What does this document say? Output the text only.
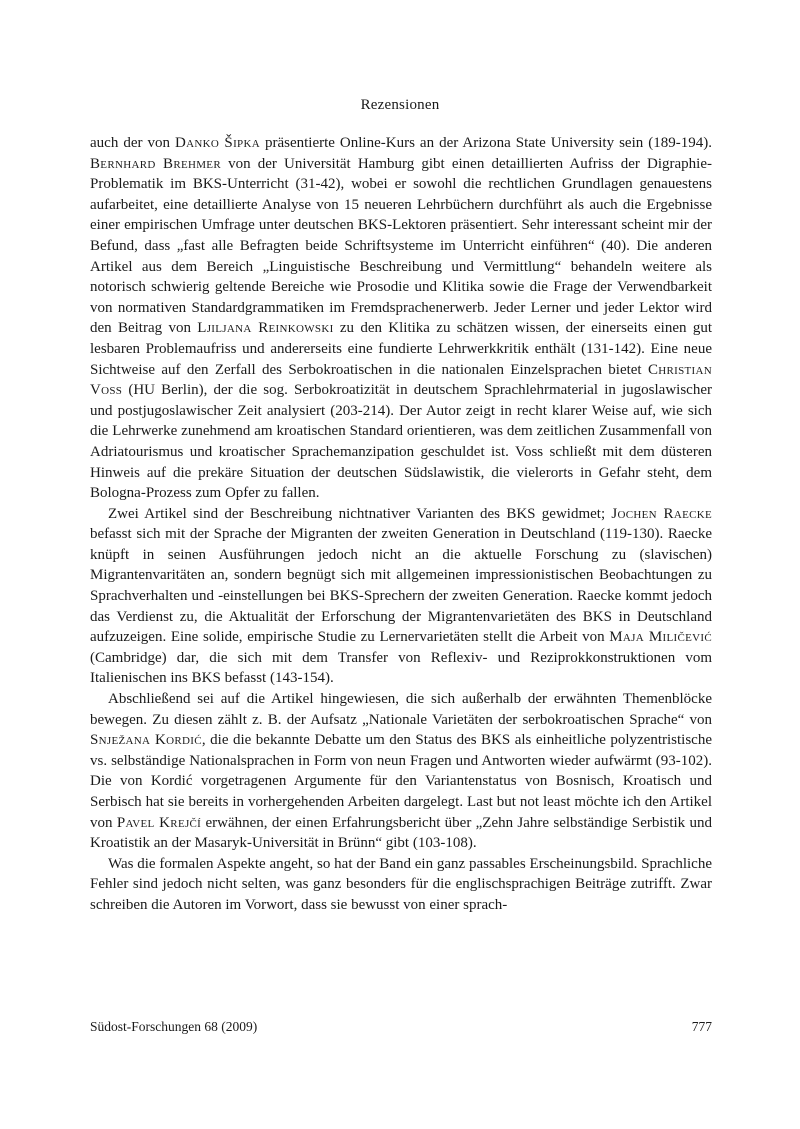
Rezensionen

auch der von Danko Šipka präsentierte Online-Kurs an der Arizona State University sein (189-194). Bernhard Brehmer von der Universität Hamburg gibt einen detaillierten Aufriss der Digraphie-Problematik im BKS-Unterricht (31-42), wobei er sowohl die rechtlichen Grundlagen genauestens aufarbeitet, eine detaillierte Analyse von 15 neueren Lehrbüchern durchführt als auch die Ergebnisse einer empirischen Umfrage unter deutschen BKS-Lektoren präsentiert. Sehr interessant scheint mir der Befund, dass „fast alle Befragten beide Schriftsysteme im Unterricht einführen“ (40). Die anderen Artikel aus dem Bereich „Linguistische Beschreibung und Vermittlung“ behandeln weitere als notorisch schwierig geltende Bereiche wie Prosodie und Klitika sowie die Frage der Verwendbarkeit von normativen Standardgrammatiken im Fremdsprachenerwerb. Jeder Lerner und jeder Lektor wird den Beitrag von Ljiljana Reinkowski zu den Klitika zu schätzen wissen, der einerseits einen gut lesbaren Problemaufriss und andererseits eine fundierte Lehrwerkkritik enthält (131-142). Eine neue Sichtweise auf den Zerfall des Serbokroatischen in die nationalen Einzelsprachen bietet Christian Voss (HU Berlin), der die sog. Serbokroatizität in deutschem Sprachlehrmaterial in jugoslawischer und postjugoslawischer Zeit analysiert (203-214). Der Autor zeigt in recht klarer Weise auf, wie sich die Lehrwerke zunehmend am kroatischen Standard orientieren, was dem zeitlichen Zusammenfall von Adriatourismus und kroatischer Sprachemanzipation geschuldet ist. Voss schließt mit dem düsteren Hinweis auf die prekäre Situation der deutschen Südslawistik, die vielerorts in Gefahr steht, dem Bologna-Prozess zum Opfer zu fallen.

Zwei Artikel sind der Beschreibung nichtnativer Varianten des BKS gewidmet; Jochen Raecke befasst sich mit der Sprache der Migranten der zweiten Generation in Deutschland (119-130). Raecke knüpft in seinen Ausführungen jedoch nicht an die aktuelle Forschung zu (slavischen) Migrantenvaritäten an, sondern begnügt sich mit allgemeinen impressionistischen Beobachtungen zu Sprachverhalten und -einstellungen bei BKS-Sprechern der zweiten Generation. Raecke kommt jedoch das Verdienst zu, die Aktualität der Erforschung der Migrantenvarietäten des BKS in Deutschland aufzuzeigen. Eine solide, empirische Studie zu Lernervarietäten stellt die Arbeit von Maja Miličević (Cambridge) dar, die sich mit dem Transfer von Reflexiv- und Reziprokkonstruktionen vom Italienischen ins BKS befasst (143-154).

Abschließend sei auf die Artikel hingewiesen, die sich außerhalb der erwähnten Themenblöcke bewegen. Zu diesen zählt z. B. der Aufsatz „Nationale Varietäten der serbokroatischen Sprache“ von Snježana Kordić, die die bekannte Debatte um den Status des BKS als einheitliche polyzentristische vs. selbständige Nationalsprachen in Form von neun Fragen und Antworten wieder aufwärmt (93-102). Die von Kordić vorgetragenen Argumente für den Variantenstatus von Bosnisch, Kroatisch und Serbisch hat sie bereits in vorhergehenden Arbeiten dargelegt. Last but not least möchte ich den Artikel von Pavel Krejčí erwähnen, der einen Erfahrungsbericht über „Zehn Jahre selbständige Serbistik und Kroatistik an der Masaryk-Universität in Brünn“ gibt (103-108).

Was die formalen Aspekte angeht, so hat der Band ein ganz passables Erscheinungsbild. Sprachliche Fehler sind jedoch nicht selten, was ganz besonders für die englischsprachigen Beiträge zutrifft. Zwar schreiben die Autoren im Vorwort, dass sie bewusst von einer sprach-

Südost-Forschungen 68 (2009)	777
